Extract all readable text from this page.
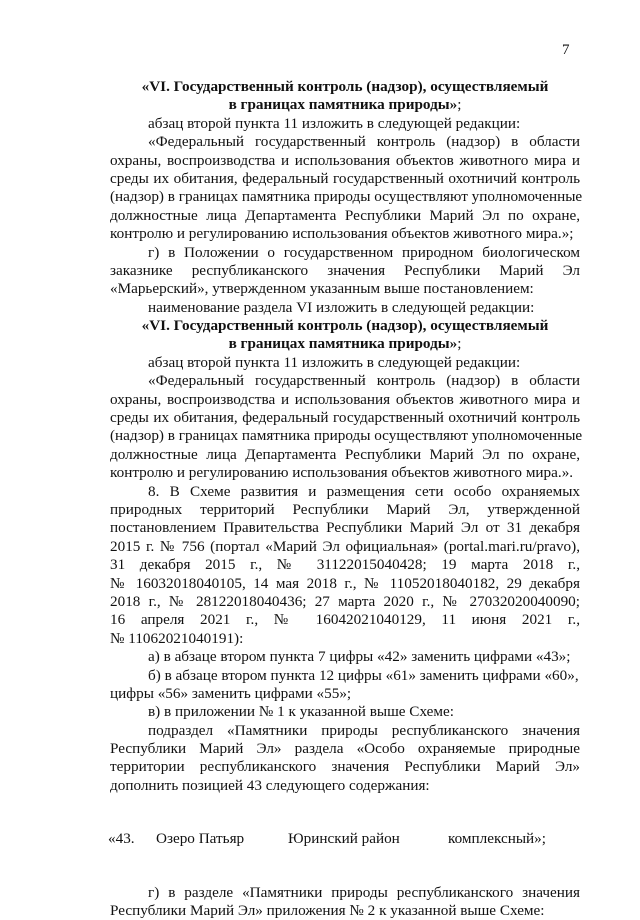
7
«VI. Государственный контроль (надзор), осуществляемый
в границах памятника природы»;
абзац второй пункта 11 изложить в следующей редакции:
«Федеральный государственный контроль (надзор) в области
охраны, воспроизводства и использования объектов животного мира и
среды их обитания, федеральный государственный охотничий контроль
(надзор) в границах памятника природы осуществляют уполномоченные
должностные лица Департамента Республики Марий Эл по охране,
контролю и регулированию использования объектов животного мира.»;
г) в Положении о государственном природном биологическом
заказнике республиканского значения Республики Марий Эл
«Марьерский», утвержденном указанным выше постановлением:
наименование раздела VI изложить в следующей редакции:
«VI. Государственный контроль (надзор), осуществляемый
в границах памятника природы»;
абзац второй пункта 11 изложить в следующей редакции:
«Федеральный государственный контроль (надзор) в области
охраны, воспроизводства и использования объектов животного мира и
среды их обитания, федеральный государственный охотничий контроль
(надзор) в границах памятника природы осуществляют уполномоченные
должностные лица Департамента Республики Марий Эл по охране,
контролю и регулированию использования объектов животного мира.».
8. В Схеме развития и размещения сети особо охраняемых
природных территорий Республики Марий Эл, утвержденной
постановлением Правительства Республики Марий Эл от 31 декабря
2015 г. № 756 (портал «Марий Эл официальная» (portal.mari.ru/pravo),
31 декабря 2015 г., № 31122015040428; 19 марта 2018 г.,
№ 16032018040105, 14 мая 2018 г., № 11052018040182, 29 декабря
2018 г., № 28122018040436; 27 марта 2020 г., № 27032020040090;
16 апреля 2021 г., № 16042021040129, 11 июня 2021 г.,
№ 11062021040191):
а) в абзаце втором пункта 7 цифры «42» заменить цифрами «43»;
б) в абзаце втором пункта 12 цифры «61» заменить цифрами «60»,
цифры «56» заменить цифрами «55»;
в) в приложении № 1 к указанной выше Схеме:
подраздел «Памятники природы республиканского значения
Республики Марий Эл» раздела «Особо охраняемые природные
территории республиканского значения Республики Марий Эл»
дополнить позицией 43 следующего содержания:
«43. Озеро Патьяр	Юринский район	комплексный»;
г) в разделе «Памятники природы республиканского значения
Республики Марий Эл» приложения № 2 к указанной выше Схеме:
